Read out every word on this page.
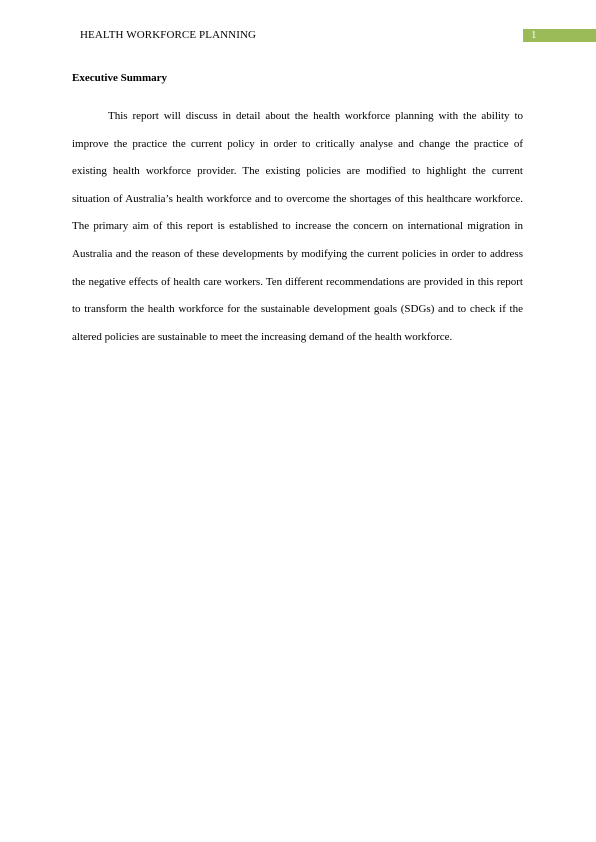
HEALTH WORKFORCE PLANNING	1
Executive Summary

This report will discuss in detail about the health workforce planning with the ability to improve the practice the current policy in order to critically analyse and change the practice of existing health workforce provider. The existing policies are modified to highlight the current situation of Australia’s health workforce and to overcome the shortages of this healthcare workforce. The primary aim of this report is established to increase the concern on international migration in Australia and the reason of these developments by modifying the current policies in order to address the negative effects of health care workers. Ten different recommendations are provided in this report to transform the health workforce for the sustainable development goals (SDGs) and to check if the altered policies are sustainable to meet the increasing demand of the health workforce.
